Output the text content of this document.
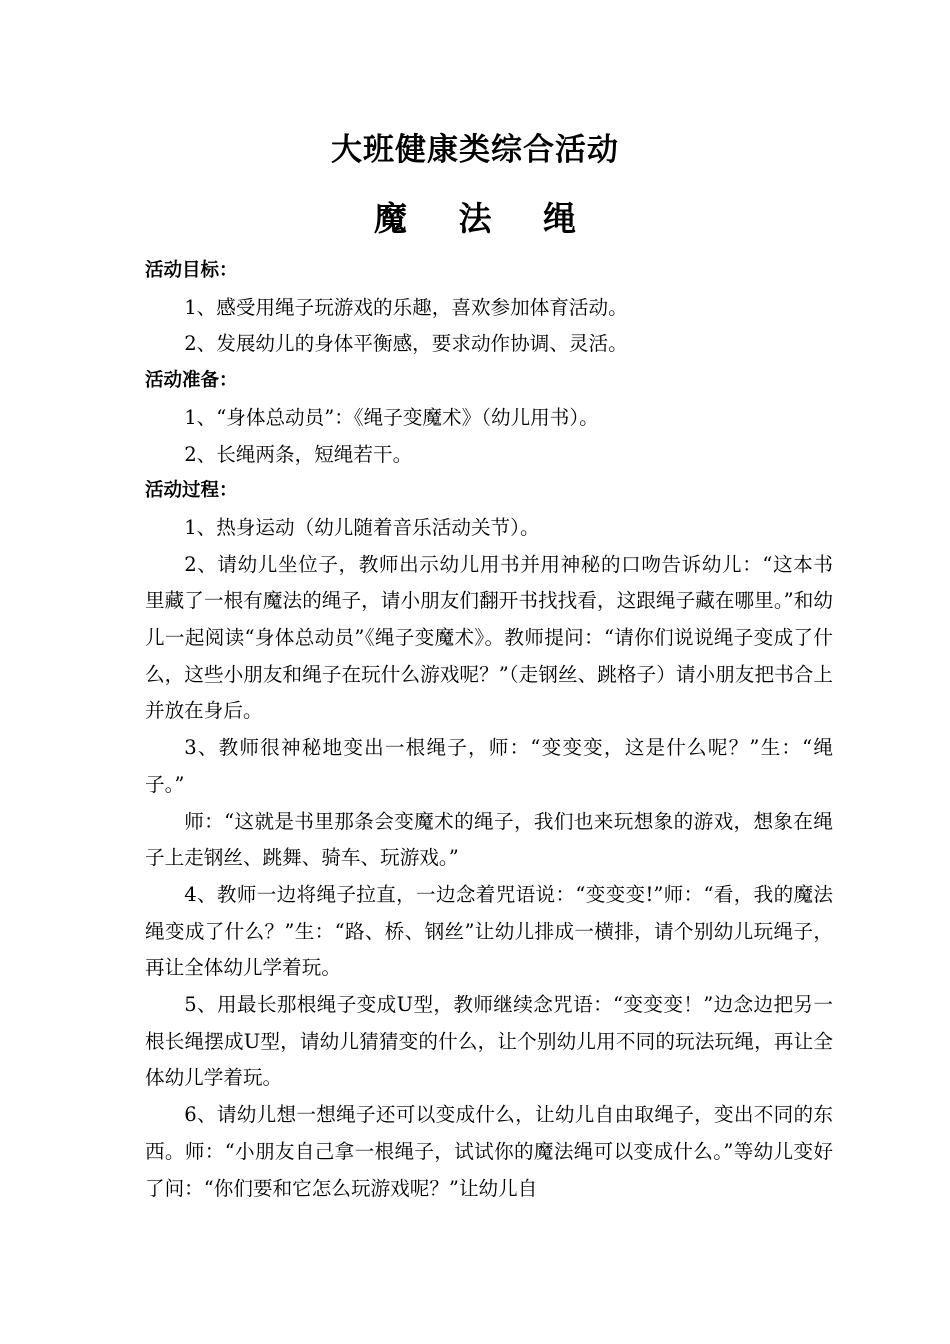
大班健康类综合活动
魔 法 绳

活动目标：

1、感受用绳子玩游戏的乐趣，喜欢参加体育活动。

2、发展幼儿的身体平衡感，要求动作协调、灵活。

活动准备：

1、“身体总动员”：《绳子变魔术》（幼儿用书）。

2、长绳两条，短绳若干。

活动过程：

1、热身运动（幼儿随着音乐活动关节）。

2、请幼儿坐位子，教师出示幼儿用书并用神秘的口吻告诉幼儿：“这本书里藏了一根有魔法的绳子，请小朋友们翻开书找找看，这跟绳子藏在哪里。”和幼儿一起阅读“身体总动员”《绳子变魔术》。教师提问：“请你们说说绳子变成了什么，这些小朋友和绳子在玩什么游戏呢？”（走钢丝、跳格子）请小朋友把书合上并放在身后。

3、教师很神秘地变出一根绳子，师：“变变变，这是什么呢？”生：“绳子。”

师：“这就是书里那条会变魔术的绳子，我们也来玩想象的游戏，想象在绳子上走钢丝、跳舞、骑车、玩游戏。”

4、教师一边将绳子拉直，一边念着咒语说：“变变变!”师：“看，我的魔法绳变成了什么？”生：“路、桥、钢丝”让幼儿排成一横排，请个别幼儿玩绳子，再让全体幼儿学着玩。

5、用最长那根绳子变成U型，教师继续念咒语：“变变变！”边念边把另一根长绳摆成U型，请幼儿猜猜变的什么，让个别幼儿用不同的玩法玩绳，再让全体幼儿学着玩。

6、请幼儿想一想绳子还可以变成什么，让幼儿自由取绳子，变出不同的东西。师：“小朋友自己拿一根绳子，试试你的魔法绳可以变成什么。”等幼儿变好了问：“你们要和它怎么玩游戏呢？”让幼儿自
